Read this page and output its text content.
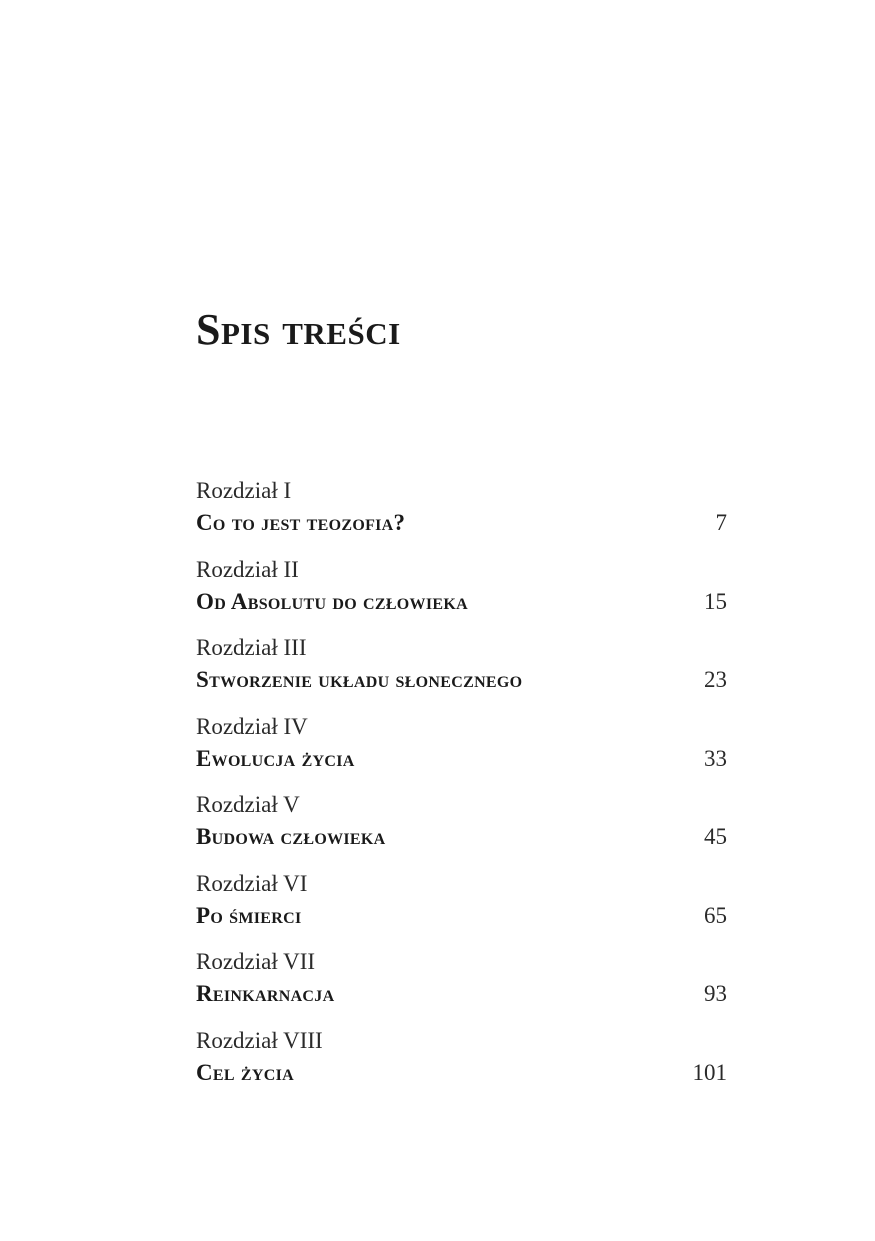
Spis treści
Rozdział I
Co to jest teozofia?	7
Rozdział II
Od Absolutu do człowieka	15
Rozdział III
Stworzenie układu słonecznego	23
Rozdział IV
Ewolucja życia	33
Rozdział V
Budowa człowieka	45
Rozdział VI
Po śmierci	65
Rozdział VII
Reinkarnacja	93
Rozdział VIII
Cel życia	101
